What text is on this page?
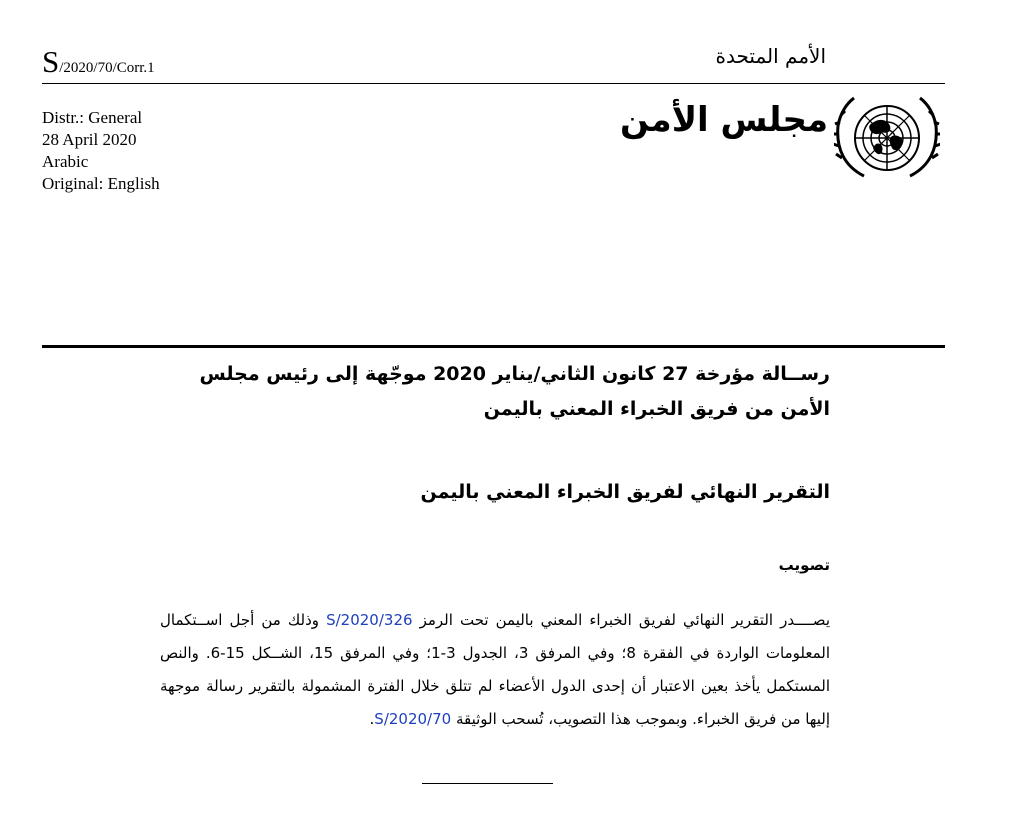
S/2020/70/Corr.1	الأمم المتحدة
Distr.: General
28 April 2020
Arabic
Original: English
مجلس الأمن
رســالة مؤرخة 27 كانون الثاني/يناير 2020 موجّهة إلى رئيس مجلس الأمن من فريق الخبراء المعني باليمن
التقرير النهائي لفريق الخبراء المعني باليمن
تصويب
يصــــدر التقرير النهائي لفريق الخبراء المعني باليمن تحت الرمز S/2020/326 وذلك من أجل اســتكمال المعلومات الواردة في الفقرة 8؛ وفي المرفق 3، الجدول 3-1؛ وفي المرفق 15، الشــكل 15-6. والنص المستكمل يأخذ بعين الاعتبار أن إحدى الدول الأعضاء لم تتلق خلال الفترة المشمولة بالتقرير رسالة موجهة إليها من فريق الخبراء. وبموجب هذا التصويب، تُسحب الوثيقة S/2020/70.
